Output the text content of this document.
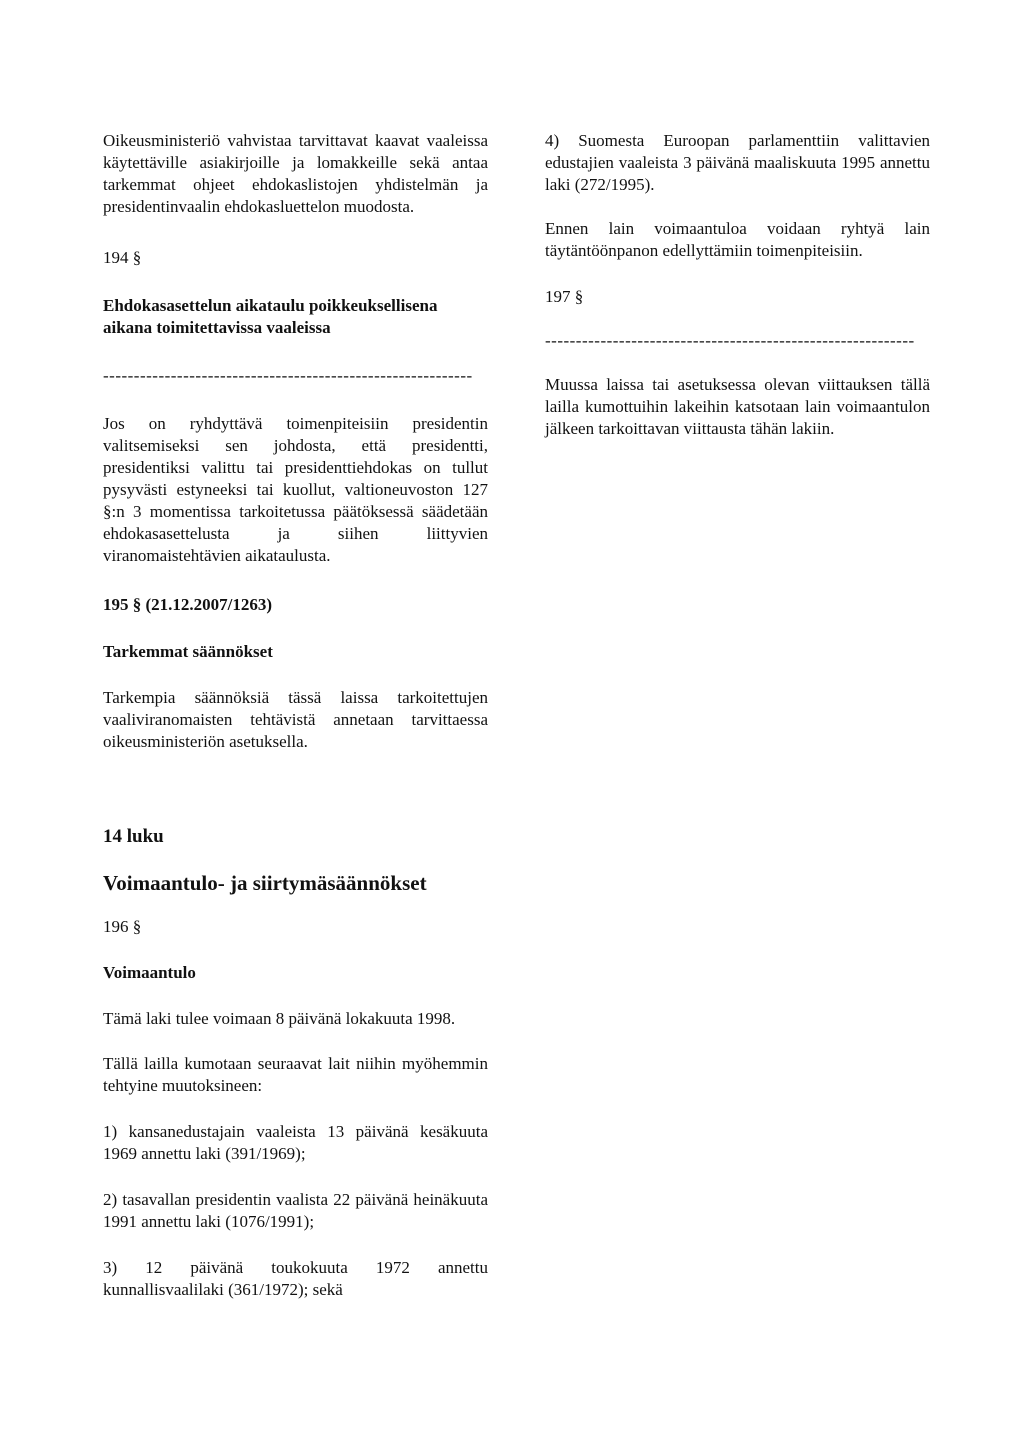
Oikeusministeriö vahvistaa tarvittavat kaavat vaaleissa käytettäville asiakirjoille ja lomakkeille sekä antaa tarkemmat ohjeet ehdokaslistojen yhdistelmän ja presidentinvaalin ehdokasluettelon muodosta.

194 §

Ehdokasasettelun aikataulu poikkeuksellisena aikana toimitettavissa vaaleissa

------------------------------------------------------------

Jos on ryhdyttävä toimenpiteisiin presidentin valitsemiseksi sen johdosta, että presidentti, presidentiksi valittu tai presidenttiehdokas on tullut pysyvästi estyneeksi tai kuollut, valtioneuvoston 127 §:n 3 momentissa tarkoitetussa päätöksessä säädetään ehdokasasettelusta ja siihen liittyvien viranomaistehtävien aikataulusta.

195 § (21.12.2007/1263)

Tarkemmat säännökset

Tarkempia säännöksiä tässä laissa tarkoitettujen vaaliviranomaisten tehtävistä annetaan tarvittaessa oikeusministeriön asetuksella.

14 luku

Voimaantulo- ja siirtymäsäännökset

196 §

Voimaantulo

Tämä laki tulee voimaan 8 päivänä lokakuuta 1998.

Tällä lailla kumotaan seuraavat lait niihin myöhemmin tehtyine muutoksineen:

1) kansanedustajain vaaleista 13 päivänä kesäkuuta 1969 annettu laki (391/1969);

2) tasavallan presidentin vaalista 22 päivänä heinäkuuta 1991 annettu laki (1076/1991);

3) 12 päivänä toukokuuta 1972 annettu kunnallisvaalilaki (361/1972); sekä

4) Suomesta Euroopan parlamenttiin valittavien edustajien vaaleista 3 päivänä maaliskuuta 1995 annettu laki (272/1995).

Ennen lain voimaantuloa voidaan ryhtyä lain täytäntöönpanon edellyttämiin toimenpiteisiin.

197 §

------------------------------------------------------------

Muussa laissa tai asetuksessa olevan viittauksen tällä lailla kumottuihin lakeihin katsotaan lain voimaantulon jälkeen tarkoittavan viittausta tähän lakiin.
